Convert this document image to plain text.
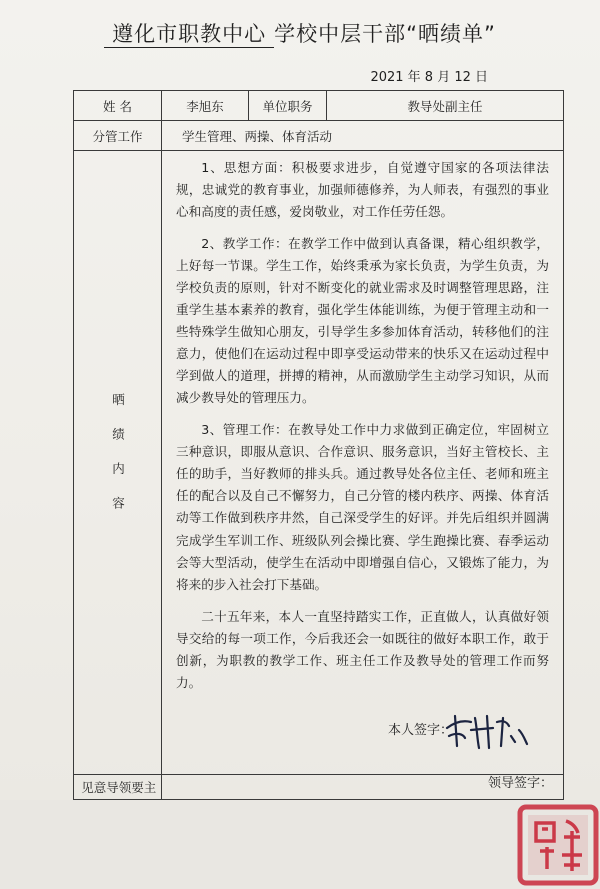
遵化市职教中心 学校中层干部“晒绩单”
2021 年 8 月 12 日
姓 名	李旭东	单位职务	教导处副主任
分管工作	学生管理、两操、体育活动		

晒绩内容	1、思想方面：积极要求进步，自觉遵守国家的各项法律法规，忠诚党的教育事业，加强师德修养，为人师表，有强烈的事业心和高度的责任感，爱岗敬业，对工作任劳任怨。

2、教学工作：在教学工作中做到认真备课，精心组织教学，上好每一节课。学生工作，始终秉承为家长负责，为学生负责，为学校负责的原则，针对不断变化的就业需求及时调整管理思路，注重学生基本素养的教育，强化学生体能训练，为便于管理主动和一些特殊学生做知心朋友，引导学生多参加体育活动，转移他们的注意力，使他们在运动过程中即享受运动带来的快乐又在运动过程中学到做人的道理，拼搏的精神，从而激励学生主动学习知识，从而减少教导处的管理压力。

3、管理工作：在教导处工作中力求做到正确定位，牢固树立三种意识，即服从意识、合作意识、服务意识，当好主管校长、主任的助手，当好教师的排头兵。通过教导处各位主任、老师和班主任的配合以及自己不懈努力，自己分管的楼内秩序、两操、体育活动等工作做到秩序井然，自己深受学生的好评。并先后组织并圆满完成学生军训工作、班级队列会操比赛、学生跑操比赛、春季运动会等大型活动，使学生在活动中即增强自信心，又锻炼了能力，为将来的步入社会打下基础。

二十五年来，本人一直坚持踏实工作，正直做人，认真做好领导交给的每一项工作，今后我还会一如既往的做好本职工作，敢于创新，为职教的教学工作、班主任工作及教导处的管理工作而努力。

本人签字：		

主要领导意见	领导签字：		
